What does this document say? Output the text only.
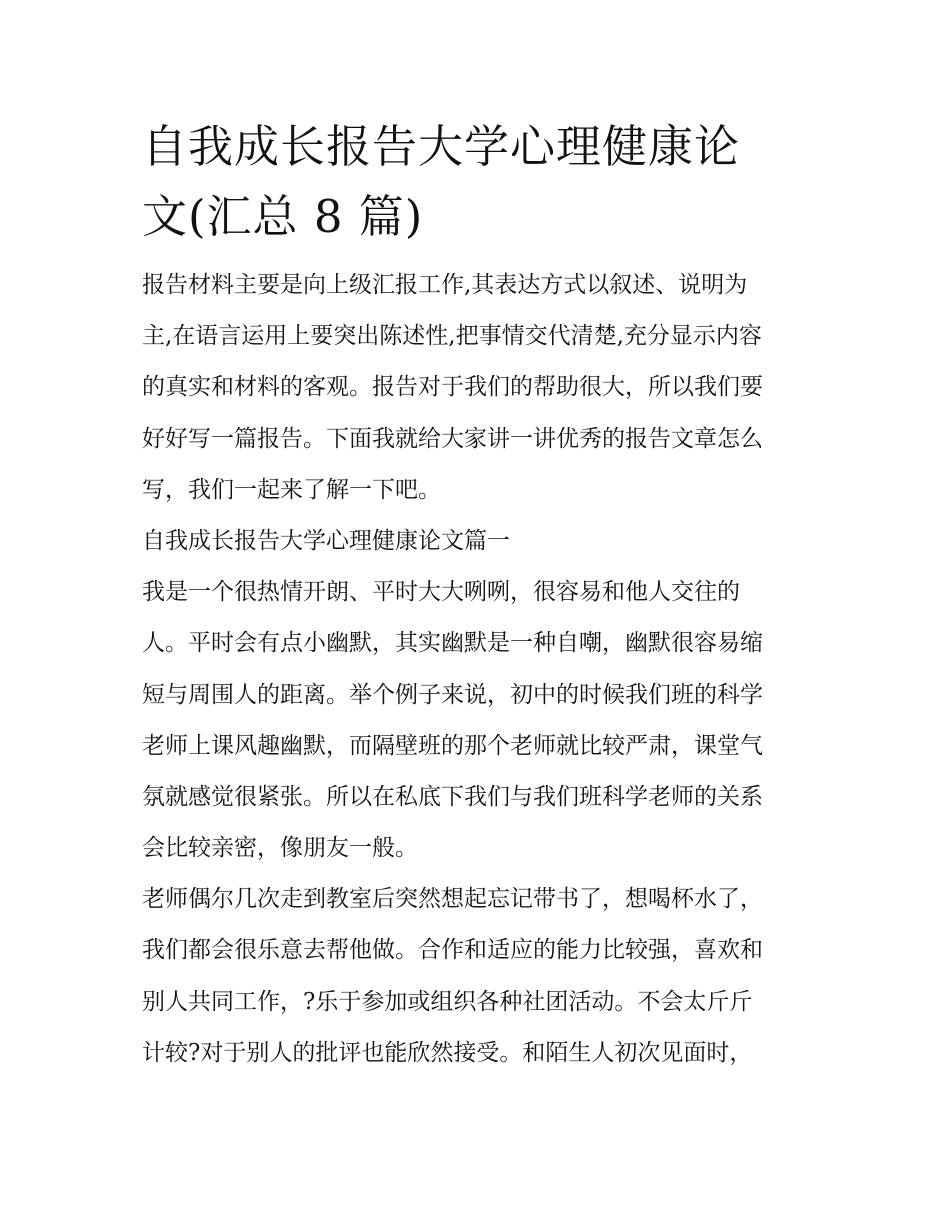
自我成长报告大学心理健康论
文(汇总 8 篇)
报告材料主要是向上级汇报工作,其表达方式以叙述、说明为
主,在语言运用上要突出陈述性,把事情交代清楚,充分显示内容
的真实和材料的客观。报告对于我们的帮助很大，所以我们要
好好写一篇报告。下面我就给大家讲一讲优秀的报告文章怎么
写，我们一起来了解一下吧。
自我成长报告大学心理健康论文篇一
我是一个很热情开朗、平时大大咧咧，很容易和他人交往的
人。平时会有点小幽默，其实幽默是一种自嘲，幽默很容易缩
短与周围人的距离。举个例子来说，初中的时候我们班的科学
老师上课风趣幽默，而隔壁班的那个老师就比较严肃，课堂气
氛就感觉很紧张。所以在私底下我们与我们班科学老师的关系
会比较亲密，像朋友一般。
老师偶尔几次走到教室后突然想起忘记带书了，想喝杯水了，
我们都会很乐意去帮他做。合作和适应的能力比较强，喜欢和
别人共同工作，?乐于参加或组织各种社团活动。不会太斤斤
计较?对于别人的批评也能欣然接受。和陌生人初次见面时，
